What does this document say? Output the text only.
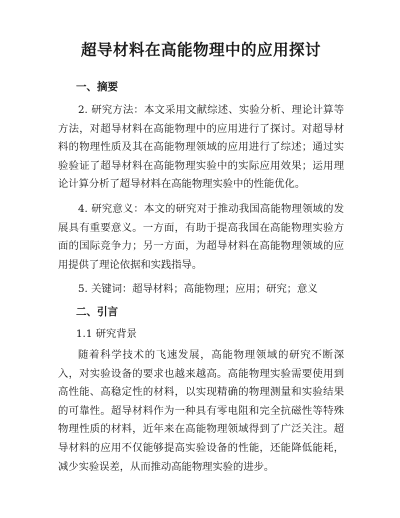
超导材料在高能物理中的应用探讨
一、摘要

2. 研究方法：本文采用文献综述、实验分析、理论计算等方法，对超导材料在高能物理中的应用进行了探讨。对超导材料的物理性质及其在高能物理领域的应用进行了综述；通过实验验证了超导材料在高能物理实验中的实际应用效果；运用理论计算分析了超导材料在高能物理实验中的性能优化。

4. 研究意义：本文的研究对于推动我国高能物理领域的发展具有重要意义。一方面，有助于提高我国在高能物理实验方面的国际竞争力；另一方面，为超导材料在高能物理领域的应用提供了理论依据和实践指导。

5. 关键词：超导材料；高能物理；应用；研究；意义

二、引言
1.1 研究背景

随着科学技术的飞速发展，高能物理领域的研究不断深入，对实验设备的要求也越来越高。高能物理实验需要使用到高性能、高稳定性的材料，以实现精确的物理测量和实验结果的可靠性。超导材料作为一种具有零电阻和完全抗磁性等特殊物理性质的材料，近年来在高能物理领域得到了广泛关注。超导材料的应用不仅能够提高实验设备的性能，还能降低能耗，减少实验误差，从而推动高能物理实验的进步。
